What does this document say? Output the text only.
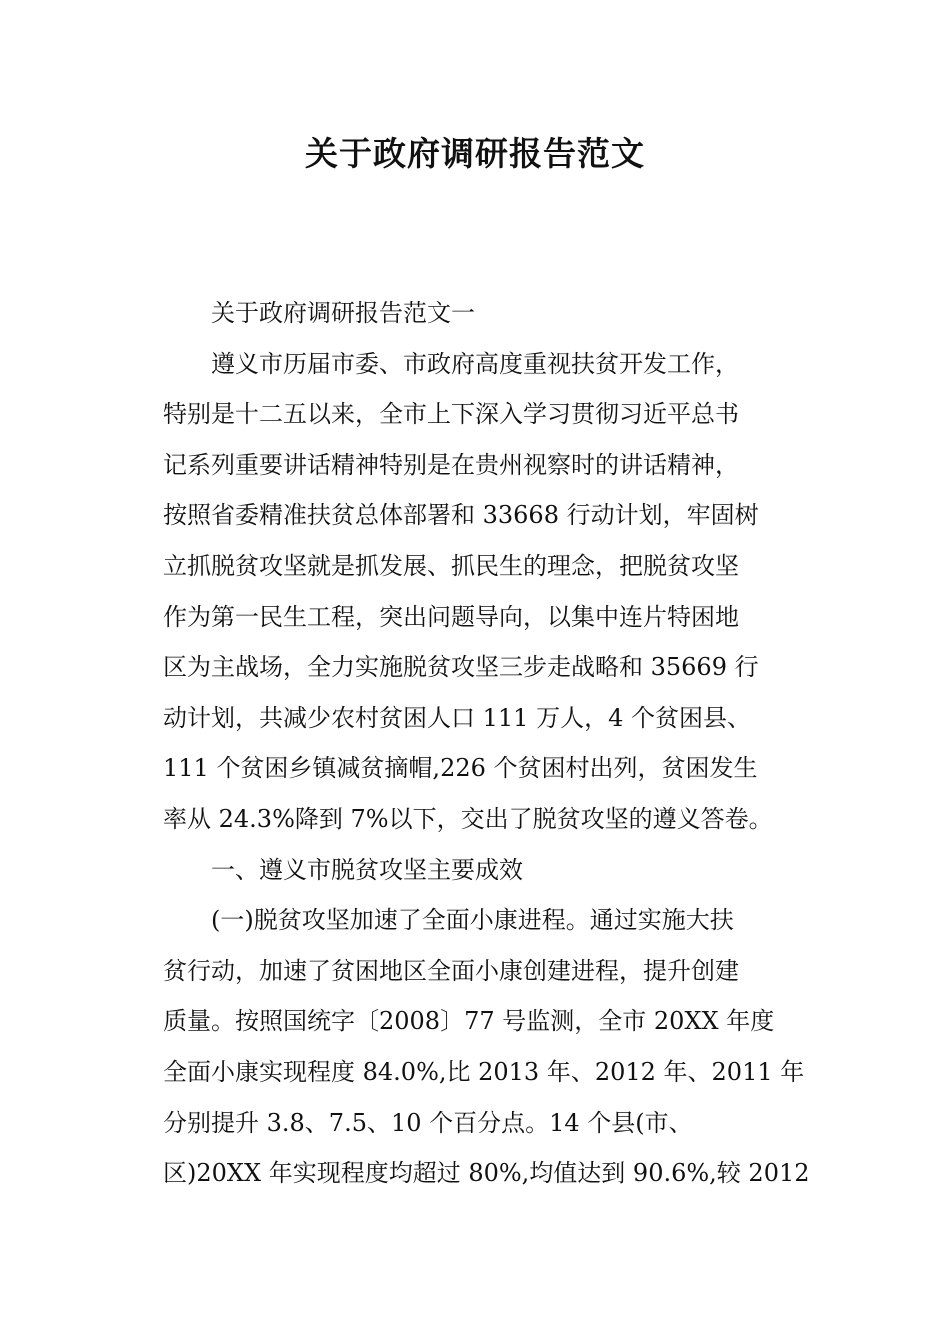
关于政府调研报告范文
关于政府调研报告范文一
遵义市历届市委、市政府高度重视扶贫开发工作，
特别是十二五以来，全市上下深入学习贯彻习近平总书
记系列重要讲话精神特别是在贵州视察时的讲话精神，
按照省委精准扶贫总体部署和 33668 行动计划，牢固树
立抓脱贫攻坚就是抓发展、抓民生的理念，把脱贫攻坚
作为第一民生工程，突出问题导向，以集中连片特困地
区为主战场，全力实施脱贫攻坚三步走战略和 35669 行
动计划，共减少农村贫困人口 111 万人，4 个贫困县、
111 个贫困乡镇减贫摘帽,226 个贫困村出列，贫困发生
率从 24.3%降到 7%以下，交出了脱贫攻坚的遵义答卷。
一、遵义市脱贫攻坚主要成效
(一)脱贫攻坚加速了全面小康进程。通过实施大扶
贫行动，加速了贫困地区全面小康创建进程，提升创建
质量。按照国统字〔2008〕77 号监测，全市 20XX 年度
全面小康实现程度 84.0%,比 2013 年、2012 年、2011 年
分别提升 3.8、7.5、10 个百分点。14 个县(市、
区)20XX 年实现程度均超过 80%,均值达到 90.6%,较 2012
